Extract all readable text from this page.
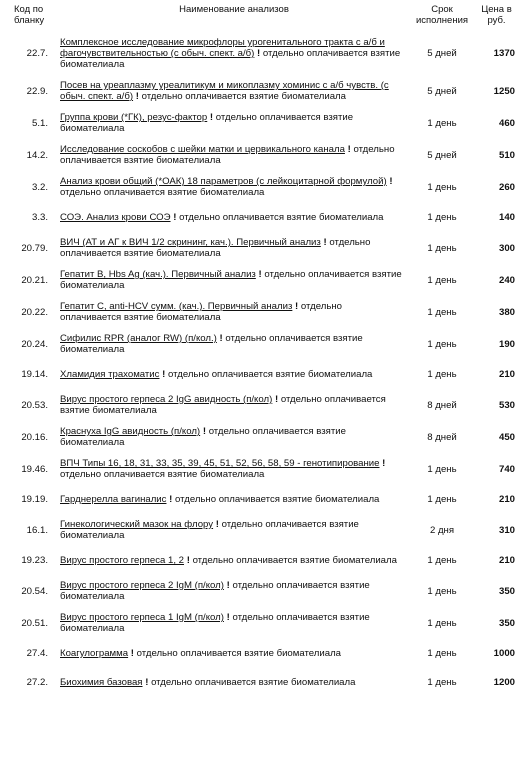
Код по бланку	Наименование анализов	Срок исполнения	Цена в руб.
22.7.	Комплексное исследование микрофлоры урогенитального тракта с а/б и фагочувствительностью (с обыч. спект. а/б) ! отдельно оплачивается взятие биомателиала	5 дней	1370
22.9.	Посев на уреаплазму уреалитикум и микоплазму хоминис с а/б чувств. (с обыч. спект. а/б) ! отдельно оплачивается взятие биомателиала	5 дней	1250
5.1.	Группа крови (*ГК), резус-фактор ! отдельно оплачивается взятие биомателиала	1 день	460
14.2.	Исследование соскобов с шейки матки и цервикального канала ! отдельно оплачивается взятие биомателиала	5 дней	510
3.2.	Анализ крови общий (*ОАК) 18 параметров (с лейкоцитарной формулой) ! отдельно оплачивается взятие биомателиала	1 день	260
3.3.	СОЭ. Анализ крови СОЭ ! отдельно оплачивается взятие биомателиала	1 день	140
20.79.	ВИЧ (АТ и АГ к ВИЧ 1/2 скрининг, кач.). Первичный анализ ! отдельно оплачивается взятие биомателиала	1 день	300
20.21.	Гепатит В, Hbs Ag (кач.). Первичный анализ ! отдельно оплачивается взятие биомателиала	1 день	240
20.22.	Гепатит С, anti-HCV сумм. (кач.). Первичный анализ ! отдельно оплачивается взятие биомателиала	1 день	380
20.24.	Сифилис RPR (аналог RW) (п/кол.) ! отдельно оплачивается взятие биомателиала	1 день	190
19.14.	Хламидия трахоматис ! отдельно оплачивается взятие биомателиала	1 день	210
20.53.	Вирус простого герпеса 2 IgG авидность (п/кол) ! отдельно оплачивается взятие биомателиала	8 дней	530
20.16.	Краснуха IgG авидность (п/кол) ! отдельно оплачивается взятие биомателиала	8 дней	450
19.46.	ВПЧ Типы 16, 18, 31, 33, 35, 39, 45, 51, 52, 56, 58, 59 - генотипирование ! отдельно оплачивается взятие биомателиала	1 день	740
19.19.	Гарднерелла вагиналис ! отдельно оплачивается взятие биомателиала	1 день	210
16.1.	Гинекологический мазок на флору ! отдельно оплачивается взятие биомателиала	2 дня	310
19.23.	Вирус простого герпеса 1, 2 ! отдельно оплачивается взятие биомателиала	1 день	210
20.54.	Вирус простого герпеса 2 IgM (п/кол) ! отдельно оплачивается взятие биомателиала	1 день	350
20.51.	Вирус простого герпеса 1 IgM (п/кол) ! отдельно оплачивается взятие биомателиала	1 день	350
27.4.	Коагулограмма ! отдельно оплачивается взятие биомателиала	1 день	1000
27.2.	Биохимия базовая ! отдельно оплачивается взятие биомателиала	1 день	1200
